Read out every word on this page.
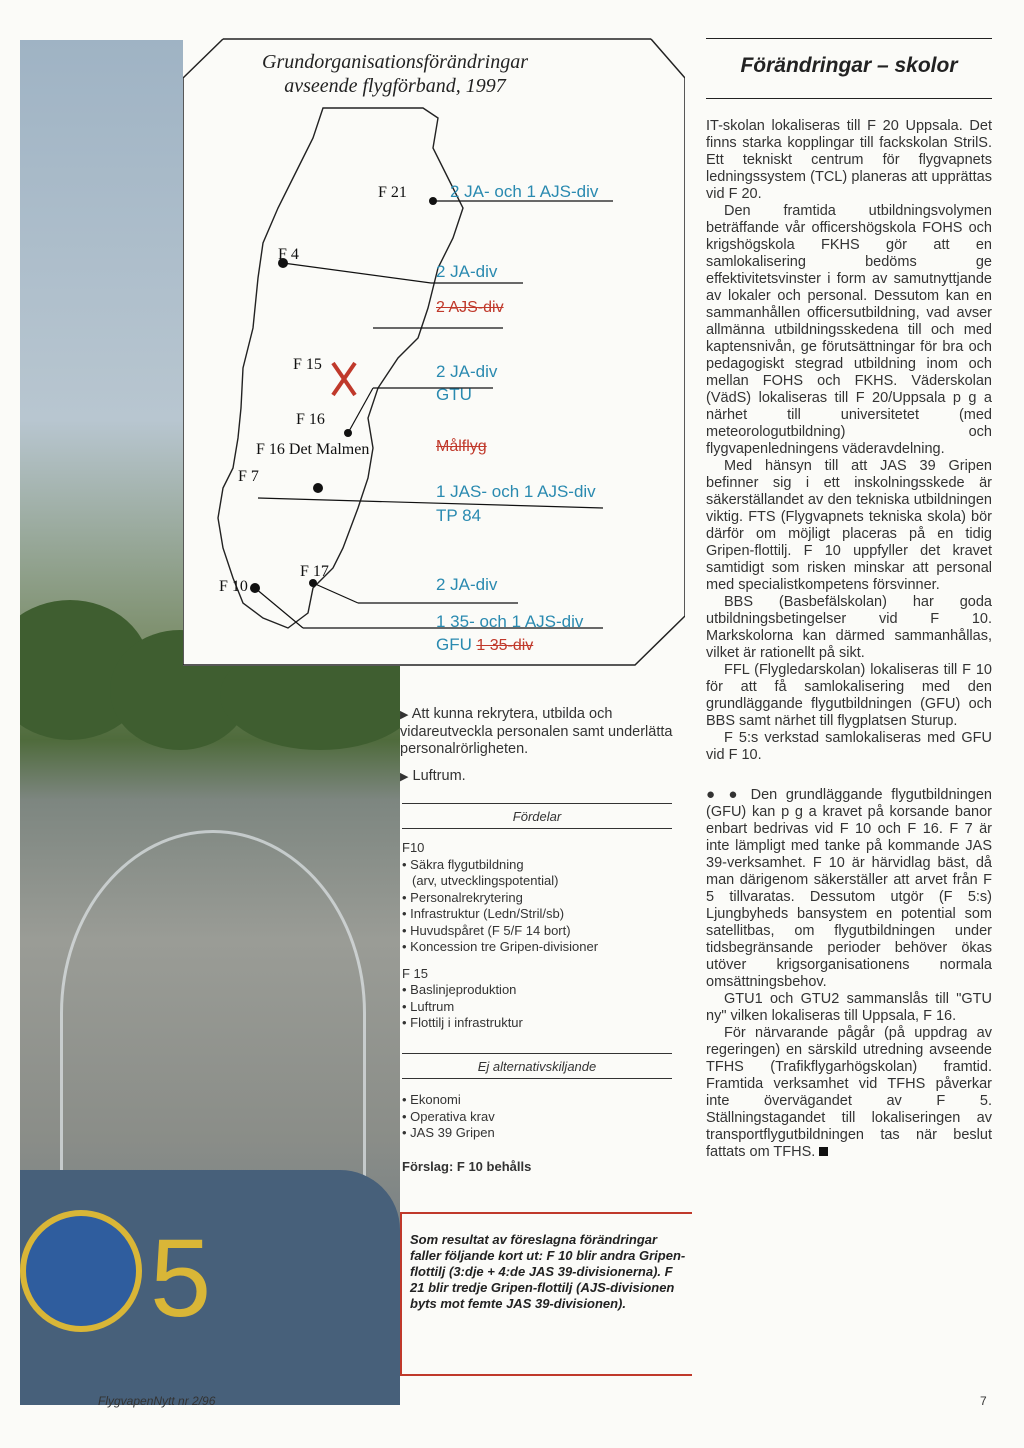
5
Grundorganisationsförändringar
avseende flygförband, 1997
F 21
F 4
F 15
F 16
F 16 Det Malmen
F 7
F 17
F 10
2 JA- och 1 AJS-div
2 JA-div
2 AJS-div
2 JA-div
GTU
Målflyg
1 JAS- och 1 AJS-div
TP 84
2 JA-div
1 35- och 1 AJS-div
GFU 1 35-div
▶ Att kunna rekrytera, utbilda och vidareutveckla personalen samt underlätta personalrörligheten.
▶ Luftrum.
Fördelar
F10
• Säkra flygutbildning
(arv, utvecklingspotential)
• Personalrekrytering
• Infrastruktur (Ledn/Stril/sb)
• Huvudspåret (F 5/F 14 bort)
• Koncession tre Gripen-divisioner
F 15
• Baslinjeproduktion
• Luftrum
• Flottilj i infrastruktur
Ej alternativskiljande
• Ekonomi
• Operativa krav
• JAS 39 Gripen
Förslag: F 10 behålls
Som resultat av föreslagna förändringar faller följande kort ut: F 10 blir andra Gripen-flottilj (3:dje + 4:de JAS 39-divisionerna). F 21 blir tredje Gripen-flottilj (AJS-divisionen byts mot femte JAS 39-divisionen).
Förändringar – skolor

IT-skolan lokaliseras till F 20 Uppsala. Det finns starka kopplingar till fackskolan StrilS. Ett tekniskt centrum för flygvapnets ledningssystem (TCL) planeras att upprättas vid F 20.

Den framtida utbildningsvolymen beträffande vår officershögskola FOHS och krigshögskola FKHS gör att en samlokalisering bedöms ge effektivitetsvinster i form av samutnyttjande av lokaler och personal. Dessutom kan en sammanhållen officersutbildning, vad avser allmänna utbildningsskedena till och med kaptensnivån, ge förutsättningar för bra och pedagogiskt stegrad utbildning inom och mellan FOHS och FKHS. Väderskolan (VädS) lokaliseras till F 20/Uppsala p g a närhet till universitetet (med meteorologutbildning) och flygvapenledningens väderavdelning.

Med hänsyn till att JAS 39 Gripen befinner sig i ett inskolningsskede är säkerställandet av den tekniska utbildningen viktig. FTS (Flygvapnets tekniska skola) bör därför om möjligt placeras på en tidig Gripen-flottilj. F 10 uppfyller det kravet samtidigt som risken minskar att personal med specialistkompetens försvinner.

BBS (Basbefälskolan) har goda utbildningsbetingelser vid F 10. Markskolorna kan därmed sammanhållas, vilket är rationellt på sikt.

FFL (Flygledarskolan) lokaliseras till F 10 för att få samlokalisering med den grundläggande flygutbildningen (GFU) och BBS samt närhet till flygplatsen Sturup.

F 5:s verkstad samlokaliseras med GFU vid F 10.

● ● Den grundläggande flygutbildningen (GFU) kan p g a kravet på korsande banor enbart bedrivas vid F 10 och F 16. F 7 är inte lämpligt med tanke på kommande JAS 39-verksamhet. F 10 är härvidlag bäst, då man därigenom säkerställer att arvet från F 5 tillvaratas. Dessutom utgör (F 5:s) Ljungbyheds bansystem en potential som satellitbas, om flygutbildningen under tidsbegränsande perioder behöver ökas utöver krigsorganisationens normala omsättningsbehov.

GTU1 och GTU2 sammanslås till "GTU ny" vilken lokaliseras till Uppsala, F 16.

För närvarande pågår (på uppdrag av regeringen) en särskild utredning avseende TFHS (Trafikflygarhögskolan) framtid. Framtida verksamhet vid TFHS påverkar inte övervägandet av F 5. Ställningstagandet till lokaliseringen av transportflygutbildningen tas när beslut fattats om TFHS.

FlygvapenNytt nr 2/96	7
